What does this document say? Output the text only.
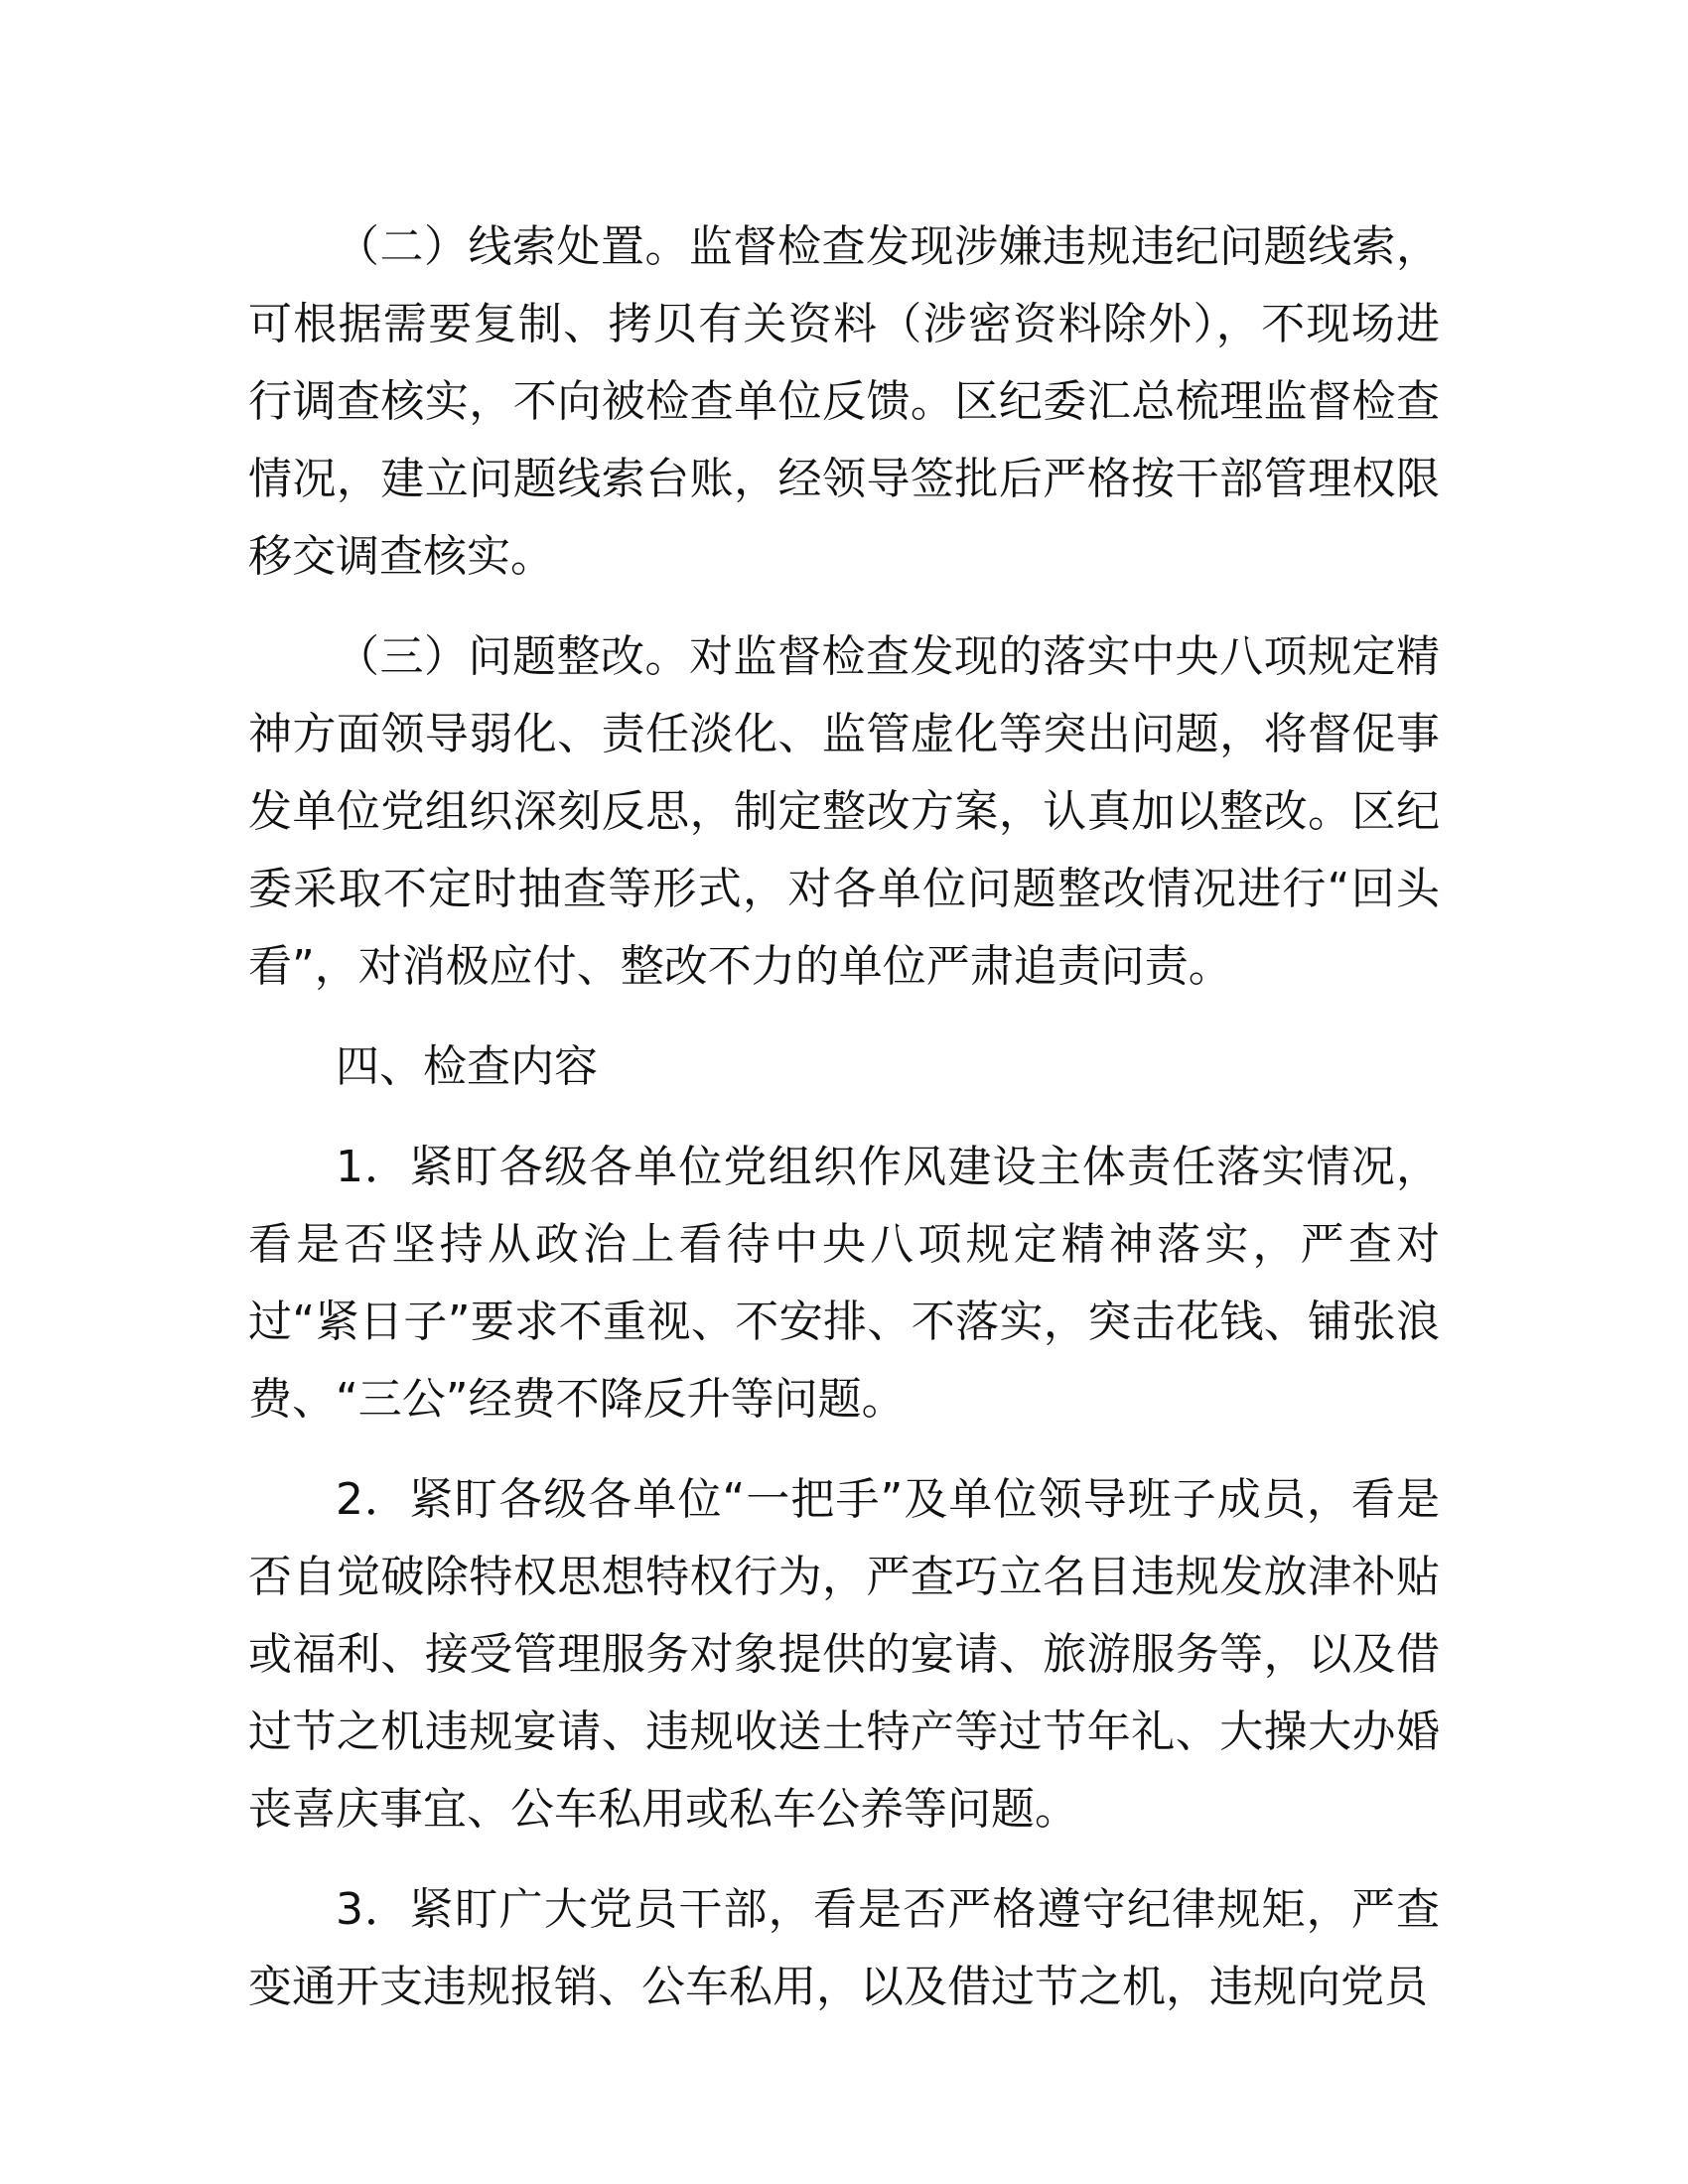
（二）线索处置。监督检查发现涉嫌违规违纪问题线索，可根据需要复制、拷贝有关资料（涉密资料除外），不现场进行调查核实，不向被检查单位反馈。区纪委汇总梳理监督检查情况，建立问题线索台账，经领导签批后严格按干部管理权限移交调查核实。

（三）问题整改。对监督检查发现的落实中央八项规定精神方面领导弱化、责任淡化、监管虚化等突出问题，将督促事发单位党组织深刻反思，制定整改方案，认真加以整改。区纪委采取不定时抽查等形式，对各单位问题整改情况进行“回头看”，对消极应付、整改不力的单位严肃追责问责。

四、检查内容

1．紧盯各级各单位党组织作风建设主体责任落实情况，看是否坚持从政治上看待中央八项规定精神落实，严查对过“紧日子”要求不重视、不安排、不落实，突击花钱、铺张浪费、“三公”经费不降反升等问题。

2．紧盯各级各单位“一把手”及单位领导班子成员，看是否自觉破除特权思想特权行为，严查巧立名目违规发放津补贴或福利、接受管理服务对象提供的宴请、旅游服务等，以及借过节之机违规宴请、违规收送土特产等过节年礼、大操大办婚丧喜庆事宜、公车私用或私车公养等问题。

3．紧盯广大党员干部，看是否严格遵守纪律规矩，严查变通开支违规报销、公车私用，以及借过节之机，违规向党员
